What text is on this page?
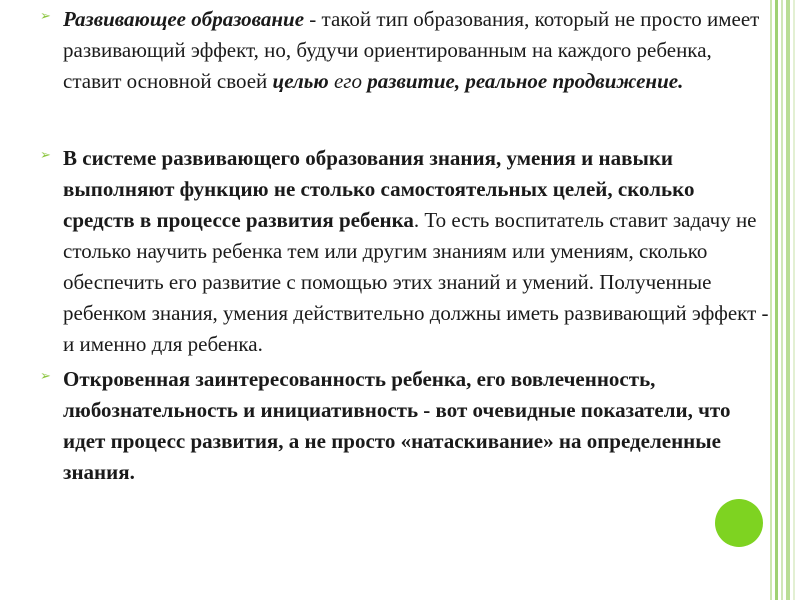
➢ Развивающее образование - такой тип образования, который не просто имеет развивающий эффект, но, будучи ориентированным на каждого ребенка, ставит основной своей целью его развитие, реальное продвижение.
➢ В системе развивающего образования знания, умения и навыки выполняют функцию не столько самостоятельных целей, сколько средств в процессе развития ребенка. То есть воспитатель ставит задачу не столько научить ребенка тем или другим знаниям или умениям, сколько обеспечить его развитие с помощью этих знаний и умений. Полученные ребенком знания, умения действительно должны иметь развивающий эффект - и именно для ребенка.
➢ Откровенная заинтересованность ребенка, его вовлеченность, любознательность и инициативность - вот очевидные показатели, что идет процесс развития, а не просто «натаскивание» на определенные знания.
